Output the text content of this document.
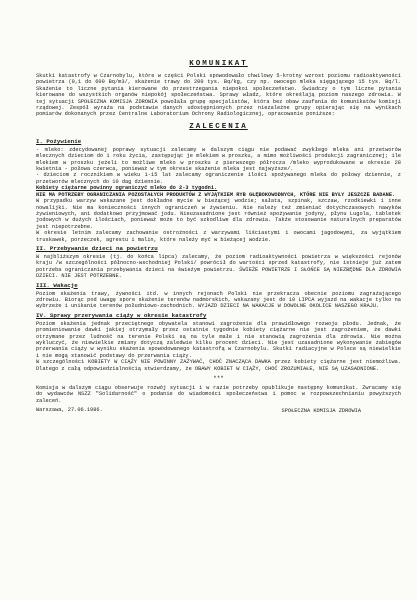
KOMUNIKAT

Skutki katastrofy w Czarnobylu, które w części Polski spowodowało chwilowy 5-krotny wzrost poziomu radioaktywności powietrza (0,1 do 600 Bq/m3/, skażenie trawy do 200 tys. Bq/kg, czy np. owocego mleka sięgającego 15 tys. Bq/l. Skażenie to liczne pytania kierowane do przestrzegania niepokoi społeczeństwo. Świadczy o tym liczne pytania kierowane do wszystkich organów niepokój społeczeństwa. Sprawy władz, które określają poziom naszego zdrowia. W tej sytuacji SPOŁECZNA KOMISJA ZDROWIA powołała grupę specjalistów, która bez obaw zaufania do komunikatów komisji rządowej. Zespół wyraża na podstawie danych udostępnionych przez niezależne grupy opierając się na wynikach pomiarów dokonanych przez Centralne Laboratorium Ochrony Radiologicznej, opracowanie poniższe:

ZALECENIA
I. Pożywienie

- mleko: zdecydowanej poprawy sytuacji zalecamy w dalszym ciągu nie podawać zwykłego mleka ani przetworów mlecznych dzieciom do 1 roku życia, zastępując je mlekiem w proszku, a mimo możliwości produkcji zagranicznej; ile mlekiem w proszku jeżeli to możliwe mleko w proszku z pierwszego półrocza /mleko wyprodukowane w okresie 28 kwietnia - połowa czerwca, ponieważ w tym okresie skażenie mleka jest najwyższe/.

- dzieciom z rocznikiem w wieku 1-15 lat zalecamy ograniczenie ilości spożywanego mleka do połowy dziennie, z przetworów mlecznych do 10 dag dziennie.

Kobiety ciężarne powinny ograniczyć mleko do 2-3 tygodni.

NIE MA POTRZEBY OGRANICZANIA POZOSTAŁYCH PRODUKTÓW Z WYJĄTKIEM RYB GŁĘBOKOWODNYCH, KTÓRE NIE BYŁY JESZCZE BADANE.

W przypadku warzyw wskazane jest dokładne mycie w bieżącej wodzie; sałata, szpinak, szczaw, rzodkiewki i inne nowalijki. Nie ma konieczności innych ograniczeń w żywieniu. Nie należy też zmieniać dotychczasowych nawyków żywieniowych, ani dodatkowo przyjmować jodu. Nieuzasadnione jest również spożywanie jodyny, płynu Lugola, tabletek jodowych w dużych ilościach, ponieważ może to być szkodliwe dla zdrowia. Także stosowanie naturalnych preparatów jest niepotrzebne.

W okresie letnim zalecamy zachowanie ostrożności z warzywami liściastymi i owocami jagodowymi, za wyjątkiem truskawek, porzeczek, agrestu i malin, które należy myć w bieżącej wodzie.

II. Przebywanie dzieci na powietrzu

W najbliższym okresie (tj. do końca lipca) zalecamy, że poziom radioaktywności powietrza w większości rejonów kraju /w szczególności północno-wschodniej Polski/ powrócił do wartości sprzed katastrofy, nie istnieje już zatem potrzeba ograniczania przebywania dzieci na świeżym powietrzu. ŚWIEŻE POWIETRZE I SŁOŃCE SĄ NIEZBĘDNE DLA ZDROWIA DZIECI. NIE JEST POTRZEBNE.

III. Wakacje

Poziom skażenia trawy, żywności itd. w innych rejonach Polski nie przekracza obecnie poziomu zagrażającego zdrowiu. Biorąc pod uwagę spore skażenie terenów nadmorskich, wskazany jest do 10 LIPCA wyjazd na wakacje tylko na wybrzeże i unikanie terenów południowo-zachodnich. WYJAZD DZIECI NA WAKACJE W DOWOLNE OKOLICE NASZEGO KRAJU.

IV. Sprawy przerywania ciąży w okresie katastrofy

Poziom skażenia jednak przeciętnego obywatela stanowi zagrożenie dla prawidłowego rozwoju płodu. Jednak, że promieniowanie dawki jakiej otrzymały przez ostatnie tygodnie kobiety ciężarne nie jest zagrożeniem, że dawki otrzymane przez ludność na terenie Polski są na tyle małe i nie stanowią zagrożenia dla zdrowia. Nie można wykluczyć, że niewielkie zmiany dotyczą zaledwie kilku procent dzieci. Nie jest uzasadnione wykonywanie zabiegów przerwania ciąży w wyniku skażenia spowodowanego katastrofą w Czarnobylu. Skutki radiacyjne w Polsce są niewielkie i nie mogą stanowić podstawy do przerwania ciąży.

W szczególności KOBIETY W CIĄŻY NIE POWINNY ZAŻYWAĆ, CHOĆ ZNACZĄCA DAWKA przez kobiety ciężarne jest niemożliwa. Dlatego z całą odpowiedzialnością stwierdzamy, że OBAWY KOBIET W CIĄŻY, CHOĆ ZROZUMIAŁE, NIE SĄ UZASADNIONE.

***

Komisja w dalszym ciągu obserwuje rozwój sytuacji i w razie potrzeby opublikuje następny komunikat. Zwracamy się do wydawców NSZZ "Solidarność" o podanie do wiadomości społeczeństwa i pomoc w rozpowszechnianiu powyższych zaleceń.

Warszawa, 27.06.1986.	SPOŁECZNA KOMISJA ZDROWIA
